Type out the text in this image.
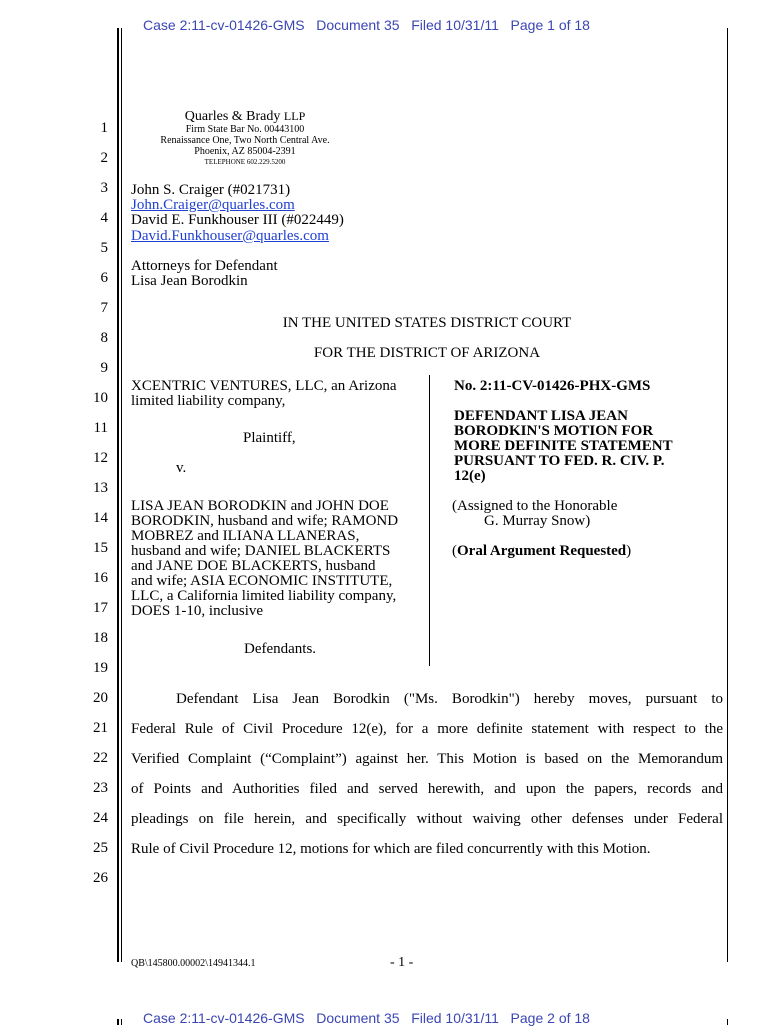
Case 2:11-cv-01426-GMS   Document 35   Filed 10/31/11   Page 1 of 18
Case 2:11-cv-01426-GMS   Document 35   Filed 10/31/11   Page 2 of 18
1
2
3
4
5
6
7
8
9
10
11
12
13
14
15
16
17
18
19
20
21
22
23
24
25
26
Quarles & Brady LLP
Firm State Bar No. 00443100
Renaissance One, Two North Central Ave.
Phoenix, AZ 85004-2391
TELEPHONE 602.229.5200
John S. Craiger (#021731)
John.Craiger@quarles.com
David E. Funkhouser III (#022449)
David.Funkhouser@quarles.com
Attorneys for Defendant
Lisa Jean Borodkin
IN THE UNITED STATES DISTRICT COURT
FOR THE DISTRICT OF ARIZONA
XCENTRIC VENTURES, LLC, an Arizona
limited liability company,
Plaintiff,
v.
LISA JEAN BORODKIN and JOHN DOE
BORODKIN, husband and wife; RAMOND
MOBREZ and ILIANA LLANERAS,
husband and wife; DANIEL BLACKERTS
and JANE DOE BLACKERTS, husband
and wife; ASIA ECONOMIC INSTITUTE,
LLC, a California limited liability company,
DOES 1-10, inclusive
Defendants.
No. 2:11-CV-01426-PHX-GMS
DEFENDANT LISA JEAN
BORODKIN'S MOTION FOR
MORE DEFINITE STATEMENT
PURSUANT TO FED. R. CIV. P.
12(e)
(Assigned to the Honorable
G. Murray Snow)
(Oral Argument Requested)
Defendant Lisa Jean Borodkin ("Ms. Borodkin") hereby moves, pursuant to
Federal Rule of Civil Procedure 12(e), for a more definite statement with respect to the
Verified Complaint (“Complaint”) against her. This Motion is based on the Memorandum
of Points and Authorities filed and served herewith, and upon the papers, records and
pleadings on file herein, and specifically without waiving other defenses under Federal
Rule of Civil Procedure 12, motions for which are filed concurrently with this Motion.
QB\145800.00002\14941344.1	- 1 -
